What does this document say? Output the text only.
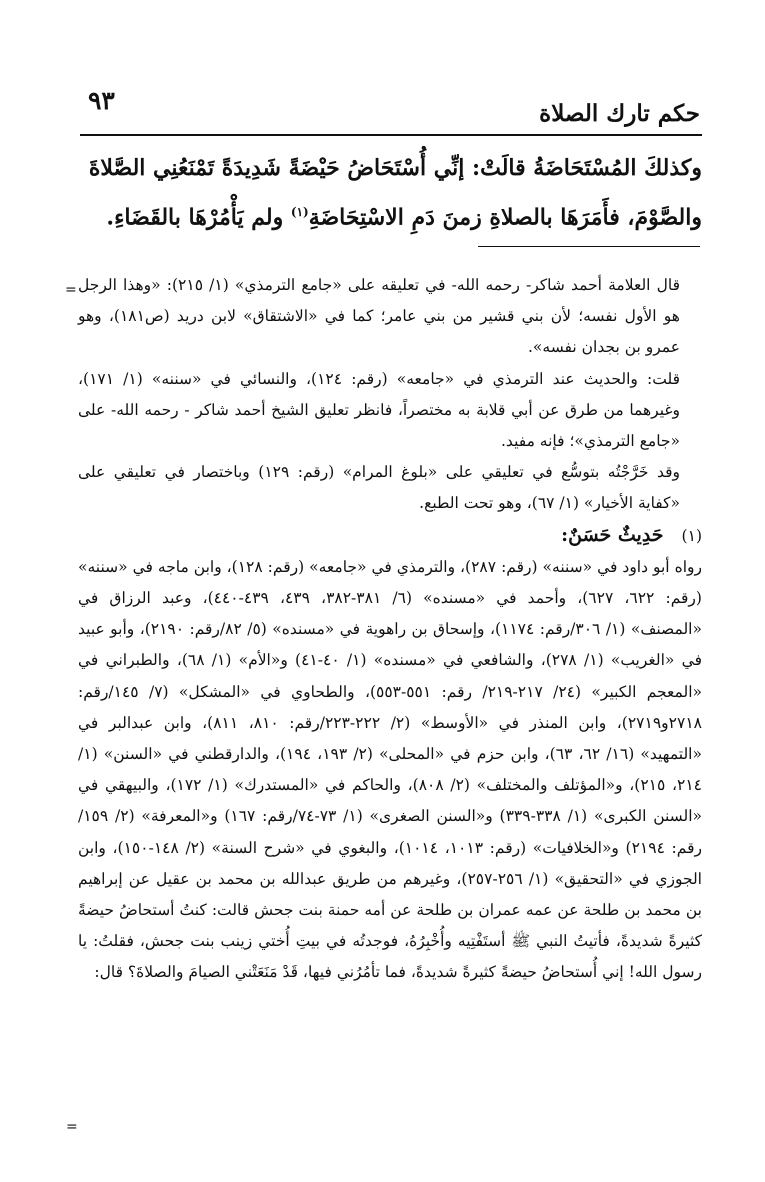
٩٣	حكم تارك الصلاة
وكذلكَ المُسْتَحَاضَةُ قالَتْ: إنِّي أُسْتَحَاضُ حَيْضَةً شَدِيدَةً تَمْنَعُنِي الصَّلاةَ
والصَّوْمَ، فأَمَرَهَا بالصلاةِ زمنَ دَمِ الاسْتِحَاضَةِ$^{(١)}$ ولم يَأْمُرْهَا بالقَضَاءِ.
= قال العلامة أحمد شاكر- رحمه الله- في تعليقه على «جامع الترمذي» (١/ ٢١٥): «وهذا الرجل هو الأول نفسه؛ لأن بني قشير من بني عامر؛ كما في «الاشتقاق» لابن دريد (ص١٨١)، وهو عمرو بن بجدان نفسه».

قلت: والحديث عند الترمذي في «جامعه» (رقم: ١٢٤)، والنسائي في «سننه» (١/ ١٧١)، وغيرهما من طرق عن أبي قلابة به مختصراً، فانظر تعليق الشيخ أحمد شاكر - رحمه الله- على «جامع الترمذي»؛ فإنه مفيد.

وقد خَرَّجْتُه بتوسُّع في تعليقي على «بلوغ المرام» (رقم: ١٢٩) وباختصار في تعليقي على «كفاية الأخيار» (١/ ٦٧)، وهو تحت الطبع.

(١)حَدِيثٌ حَسَنٌ:

رواه أبو داود في «سننه» (رقم: ٢٨٧)، والترمذي في «جامعه» (رقم: ١٢٨)، وابن ماجه في «سننه» (رقم: ٦٢٢، ٦٢٧)، وأحمد في «مسنده» (٦/ ٣٨١-٣٨٢، ٤٣٩، ٤٣٩-٤٤٠)، وعبد الرزاق في «المصنف» (١/ ٣٠٦/رقم: ١١٧٤)، وإسحاق بن راهوية في «مسنده» (٥/ ٨٢/رقم: ٢١٩٠)، وأبو عبيد في «الغريب» (١/ ٢٧٨)، والشافعي في «مسنده» (١/ ٤٠-٤١) و«الأم» (١/ ٦٨)، والطبراني في «المعجم الكبير» (٢٤/ ٢١٧-٢١٩/ رقم: ٥٥١-٥٥٣)، والطحاوي في «المشكل» (٧/ ١٤٥/رقم: ٢٧١٨و٢٧١٩)، وابن المنذر في «الأوسط» (٢/ ٢٢٢-٢٢٣/رقم: ٨١٠، ٨١١)، وابن عبدالبر في «التمهيد» (١٦/ ٦٢، ٦٣)، وابن حزم في «المحلى» (٢/ ١٩٣، ١٩٤)، والدارقطني في «السنن» (١/ ٢١٤، ٢١٥)، و«المؤتلف والمختلف» (٢/ ٨٠٨)، والحاكم في «المستدرك» (١/ ١٧٢)، والبيهقي في «السنن الكبرى» (١/ ٣٣٨-٣٣٩) و«السنن الصغرى» (١/ ٧٣-٧٤/رقم: ١٦٧) و«المعرفة» (٢/ ١٥٩/ رقم: ٢١٩٤) و«الخلافيات» (رقم: ١٠١٣، ١٠١٤)، والبغوي في «شرح السنة» (٢/ ١٤٨-١٥٠)، وابن الجوزي في «التحقيق» (١/ ٢٥٦-٢٥٧)، وغيرهم من طريق عبدالله بن محمد بن عقيل عن إبراهيم بن محمد بن طلحة عن عمه عمران بن طلحة عن أمه حمنة بنت جحش قالت: كنتُ أستحاضُ حيضةً كثيرةً شديدةً، فأتيتُ النبي ﷺ أستَفْتِيه وأُخْبِرُهُ، فوجدتُه في بيتِ أُختي زينب بنت جحش، فقلتُ: يا رسول الله! إني أُستحاضُ حيضةً كثيرةً شديدةً، فما تأمُرُني فيها، قَدْ مَنَعَتْني الصيامَ والصلاةَ؟ قال:

=
